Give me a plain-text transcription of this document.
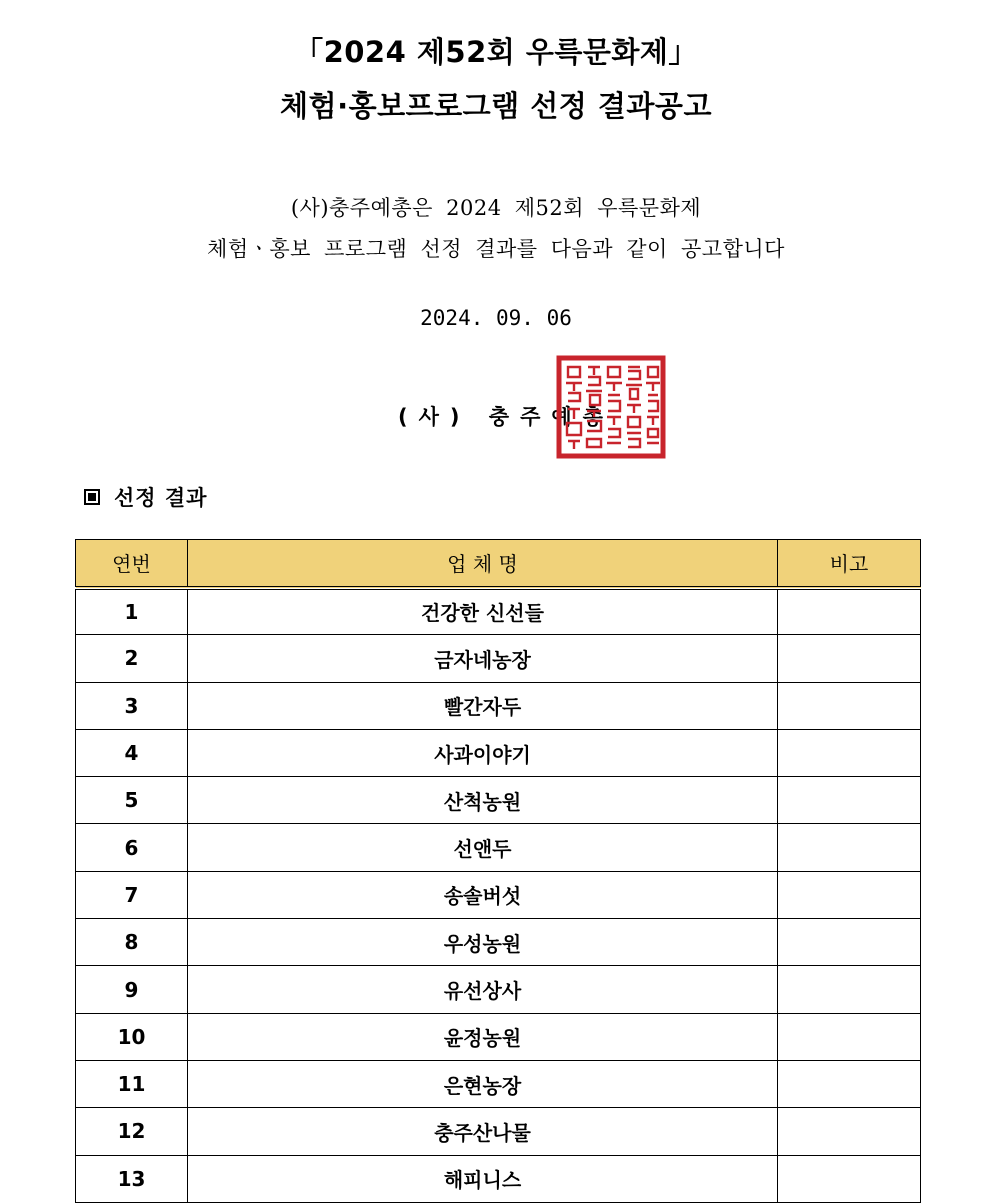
「2024 제52회 우륵문화제」
체험·홍보프로그램 선정 결과공고
(사)충주예총은 2024 제52회 우륵문화제
체험ㆍ홍보 프로그램 선정 결과를 다음과 같이 공고합니다
2024. 09. 06
(사) 충주예총
선정 결과
연번	업 체 명	비고
1	건강한 신선들	
2	금자네농장	
3	빨간자두	
4	사과이야기	
5	산척농원	
6	선앤두	
7	송솔버섯	
8	우성농원	
9	유선상사	
10	윤정농원	
11	은현농장	
12	충주산나물	
13	해피니스	
